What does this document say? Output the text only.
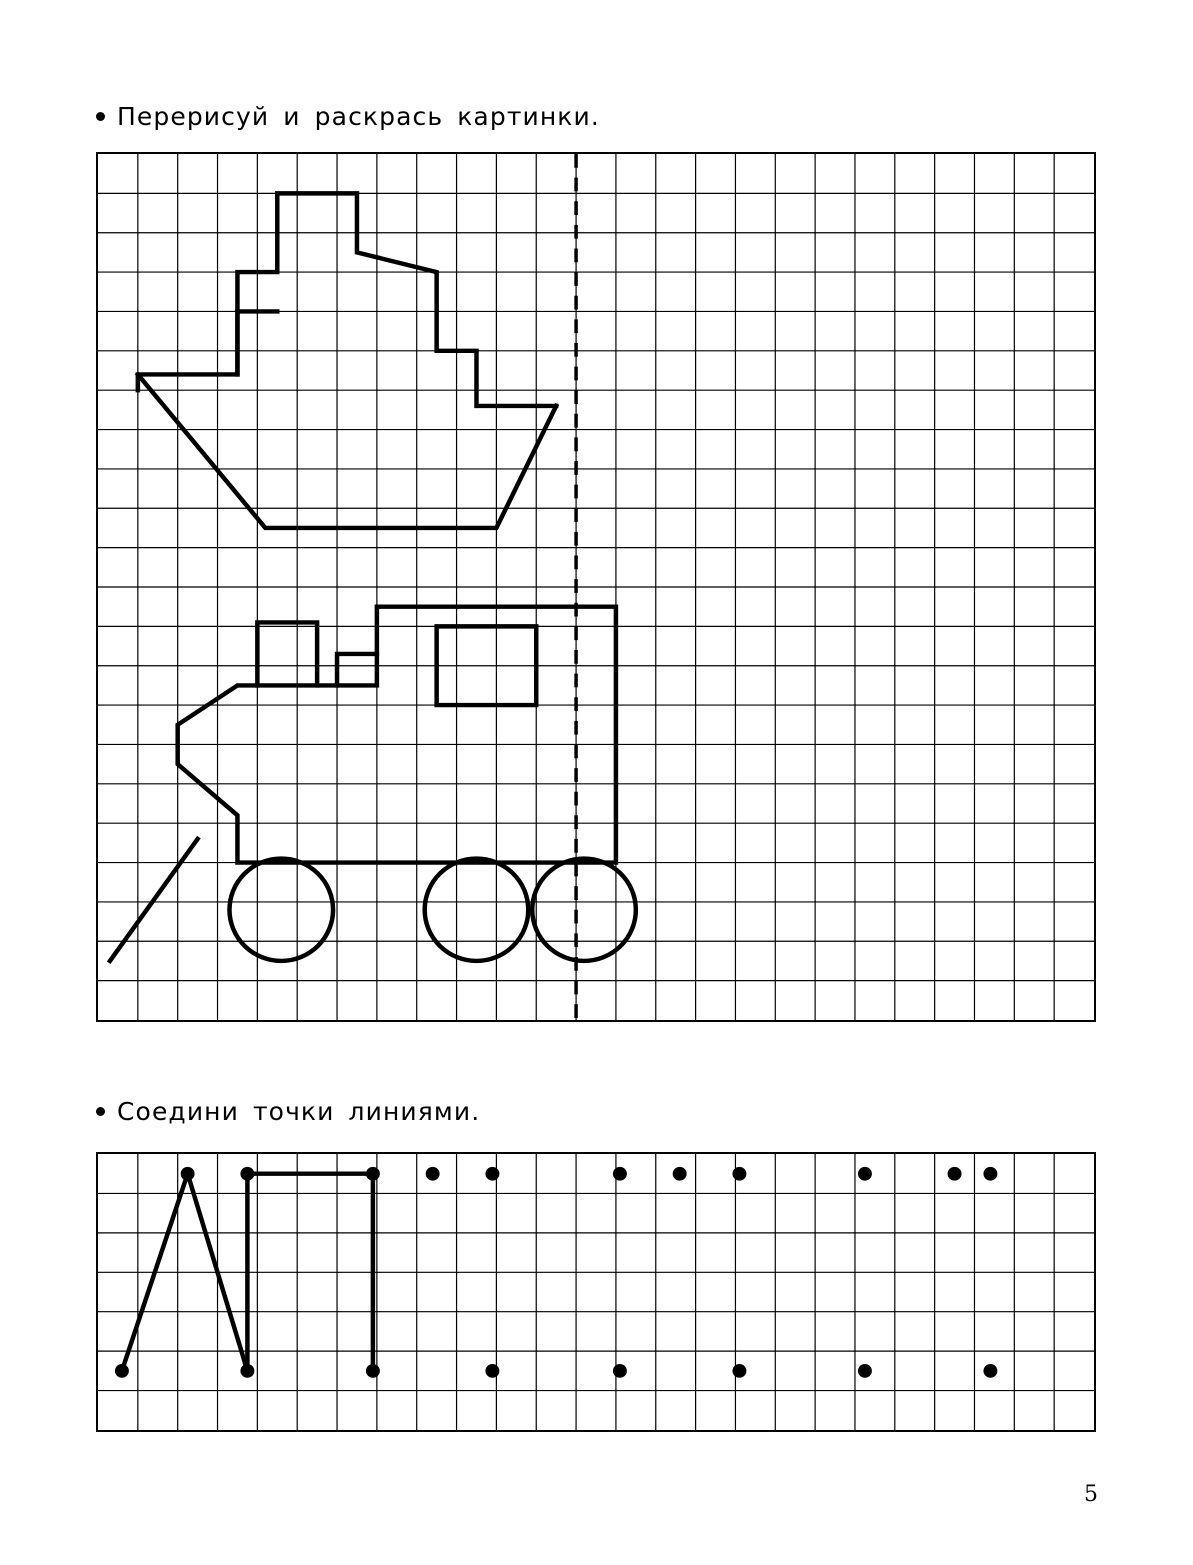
Перерисуй и раскрась картинки.
Соедини точки линиями.
5
